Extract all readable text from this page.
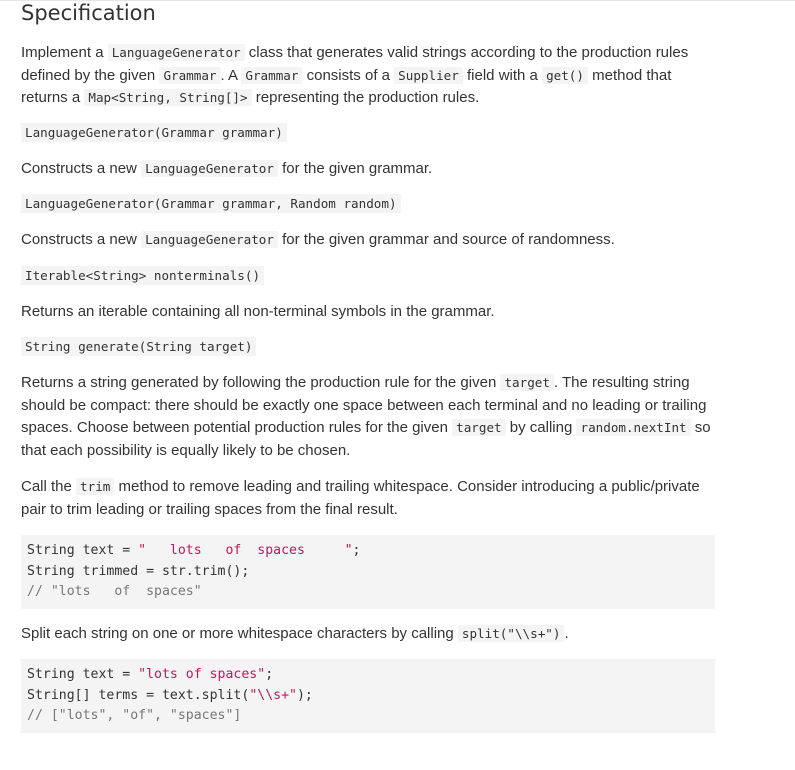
Specification

Implement a LanguageGenerator class that generates valid strings according to the production rules defined by the given Grammar . A Grammar consists of a Supplier field with a get() method that returns a Map<String, String[]> representing the production rules.

LanguageGenerator(Grammar grammar)

Constructs a new LanguageGenerator for the given grammar.

LanguageGenerator(Grammar grammar, Random random)

Constructs a new LanguageGenerator for the given grammar and source of randomness.

Iterable<String> nonterminals()

Returns an iterable containing all non-terminal symbols in the grammar.

String generate(String target)

Returns a string generated by following the production rule for the given target . The resulting string should be compact: there should be exactly one space between each terminal and no leading or trailing spaces. Choose between potential production rules for the given target by calling random.nextInt so that each possibility is equally likely to be chosen.

Call the trim method to remove leading and trailing whitespace. Consider introducing a public/private pair to trim leading or trailing spaces from the final result.

String text = "   lots   of  spaces     ";
String trimmed = str.trim();
// "lots   of  spaces"

Split each string on one or more whitespace characters by calling split("\\s+") .

String text = "lots of spaces";
String[] terms = text.split("\\s+");
// ["lots", "of", "spaces"]
